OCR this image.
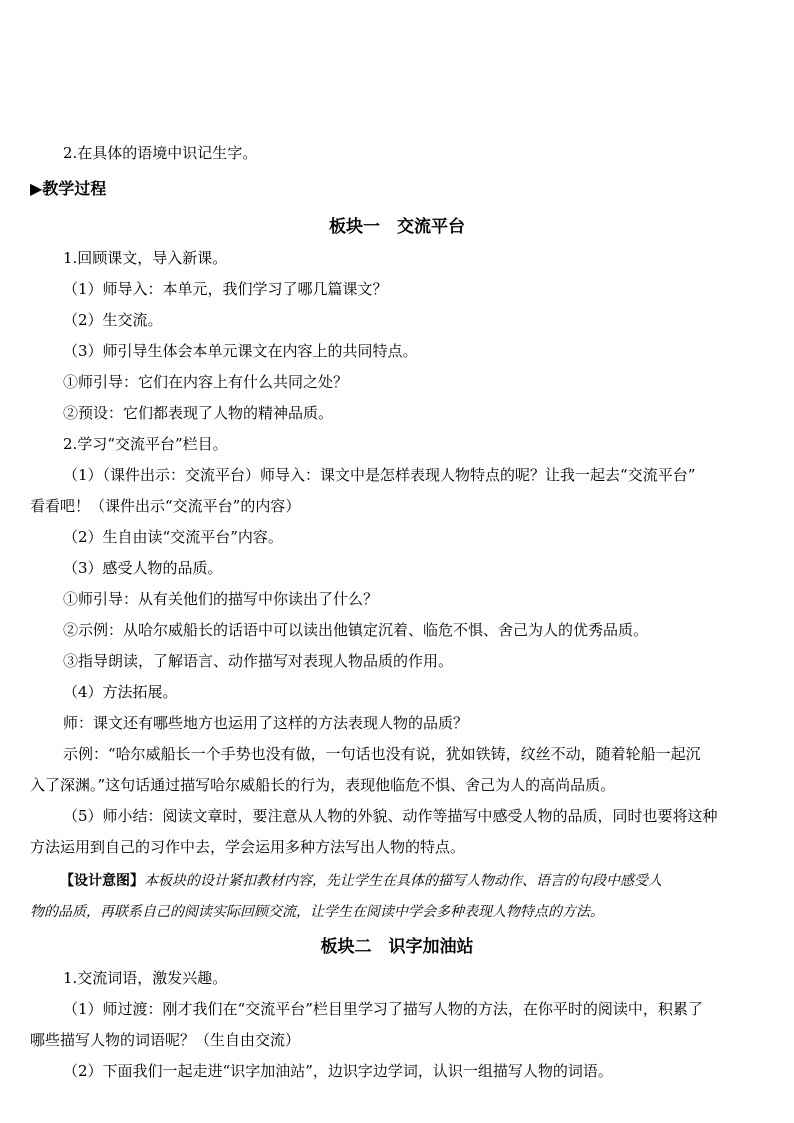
2.在具体的语境中识记生字。
▶教学过程
板块一　交流平台
1.回顾课文，导入新课。
（1）师导入：本单元，我们学习了哪几篇课文？
（2）生交流。
（3）师引导生体会本单元课文在内容上的共同特点。
①师引导：它们在内容上有什么共同之处？
②预设：它们都表现了人物的精神品质。
2.学习“交流平台”栏目。
（1）（课件出示：交流平台）师导入：课文中是怎样表现人物特点的呢？让我一起去“交流平台”
看看吧！（课件出示“交流平台”的内容）
（2）生自由读“交流平台”内容。
（3）感受人物的品质。
①师引导：从有关他们的描写中你读出了什么？
②示例：从哈尔威船长的话语中可以读出他镇定沉着、临危不惧、舍己为人的优秀品质。
③指导朗读，了解语言、动作描写对表现人物品质的作用。
（4）方法拓展。
师：课文还有哪些地方也运用了这样的方法表现人物的品质？
示例：“哈尔威船长一个手势也没有做，一句话也没有说，犹如铁铸，纹丝不动，随着轮船一起沉
入了深渊。”这句话通过描写哈尔威船长的行为，表现他临危不惧、舍己为人的高尚品质。
（5）师小结：阅读文章时，要注意从人物的外貌、动作等描写中感受人物的品质，同时也要将这种
方法运用到自己的习作中去，学会运用多种方法写出人物的特点。
【设计意图】本板块的设计紧扣教材内容，先让学生在具体的描写人物动作、语言的句段中感受人
物的品质，再联系自己的阅读实际回顾交流，让学生在阅读中学会多种表现人物特点的方法。
板块二　识字加油站
1.交流词语，激发兴趣。
（1）师过渡：刚才我们在“交流平台”栏目里学习了描写人物的方法，在你平时的阅读中，积累了
哪些描写人物的词语呢？（生自由交流）
（2）下面我们一起走进“识字加油站”，边识字边学词，认识一组描写人物的词语。
